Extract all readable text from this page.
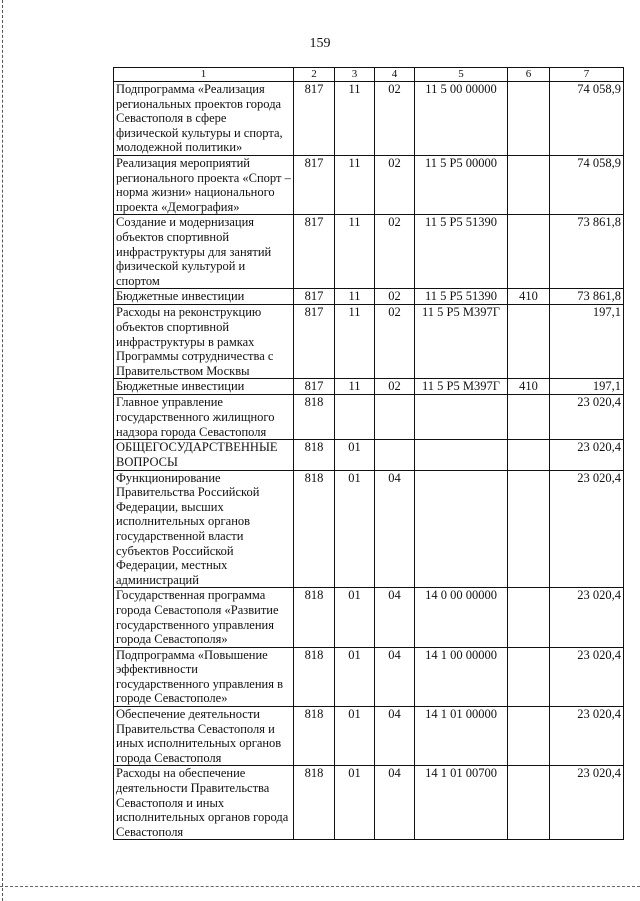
159
1	2	3	4	5	6	7
Подпрограмма «Реализация региональных проектов города Севастополя в сфере физической культуры и спорта, молодежной политики»	817	11	02	11 5 00 00000		74 058,9
Реализация мероприятий регионального проекта «Спорт – норма жизни» национального проекта «Демография»	817	11	02	11 5 Р5 00000		74 058,9
Создание и модернизация объектов спортивной инфраструктуры для занятий физической культурой и спортом	817	11	02	11 5 Р5 51390		73 861,8
Бюджетные инвестиции	817	11	02	11 5 Р5 51390	410	73 861,8
Расходы на реконструкцию объектов спортивной инфраструктуры в рамках Программы сотрудничества с Правительством Москвы	817	11	02	11 5 Р5 М397Г		197,1
Бюджетные инвестиции	817	11	02	11 5 Р5 М397Г	410	197,1
Главное управление государственного жилищного надзора города Севастополя	818					23 020,4
ОБЩЕГОСУДАРСТВЕННЫЕ ВОПРОСЫ	818	01				23 020,4
Функционирование Правительства Российской Федерации, высших исполнительных органов государственной власти субъектов Российской Федерации, местных администраций	818	01	04			23 020,4
Государственная программа города Севастополя «Развитие государственного управления города Севастополя»	818	01	04	14 0 00 00000		23 020,4
Подпрограмма «Повышение эффективности государственного управления в городе Севастополе»	818	01	04	14 1 00 00000		23 020,4
Обеспечение деятельности Правительства Севастополя и иных исполнительных органов города Севастополя	818	01	04	14 1 01 00000		23 020,4
Расходы на обеспечение деятельности Правительства Севастополя и иных исполнительных органов города Севастополя	818	01	04	14 1 01 00700		23 020,4
